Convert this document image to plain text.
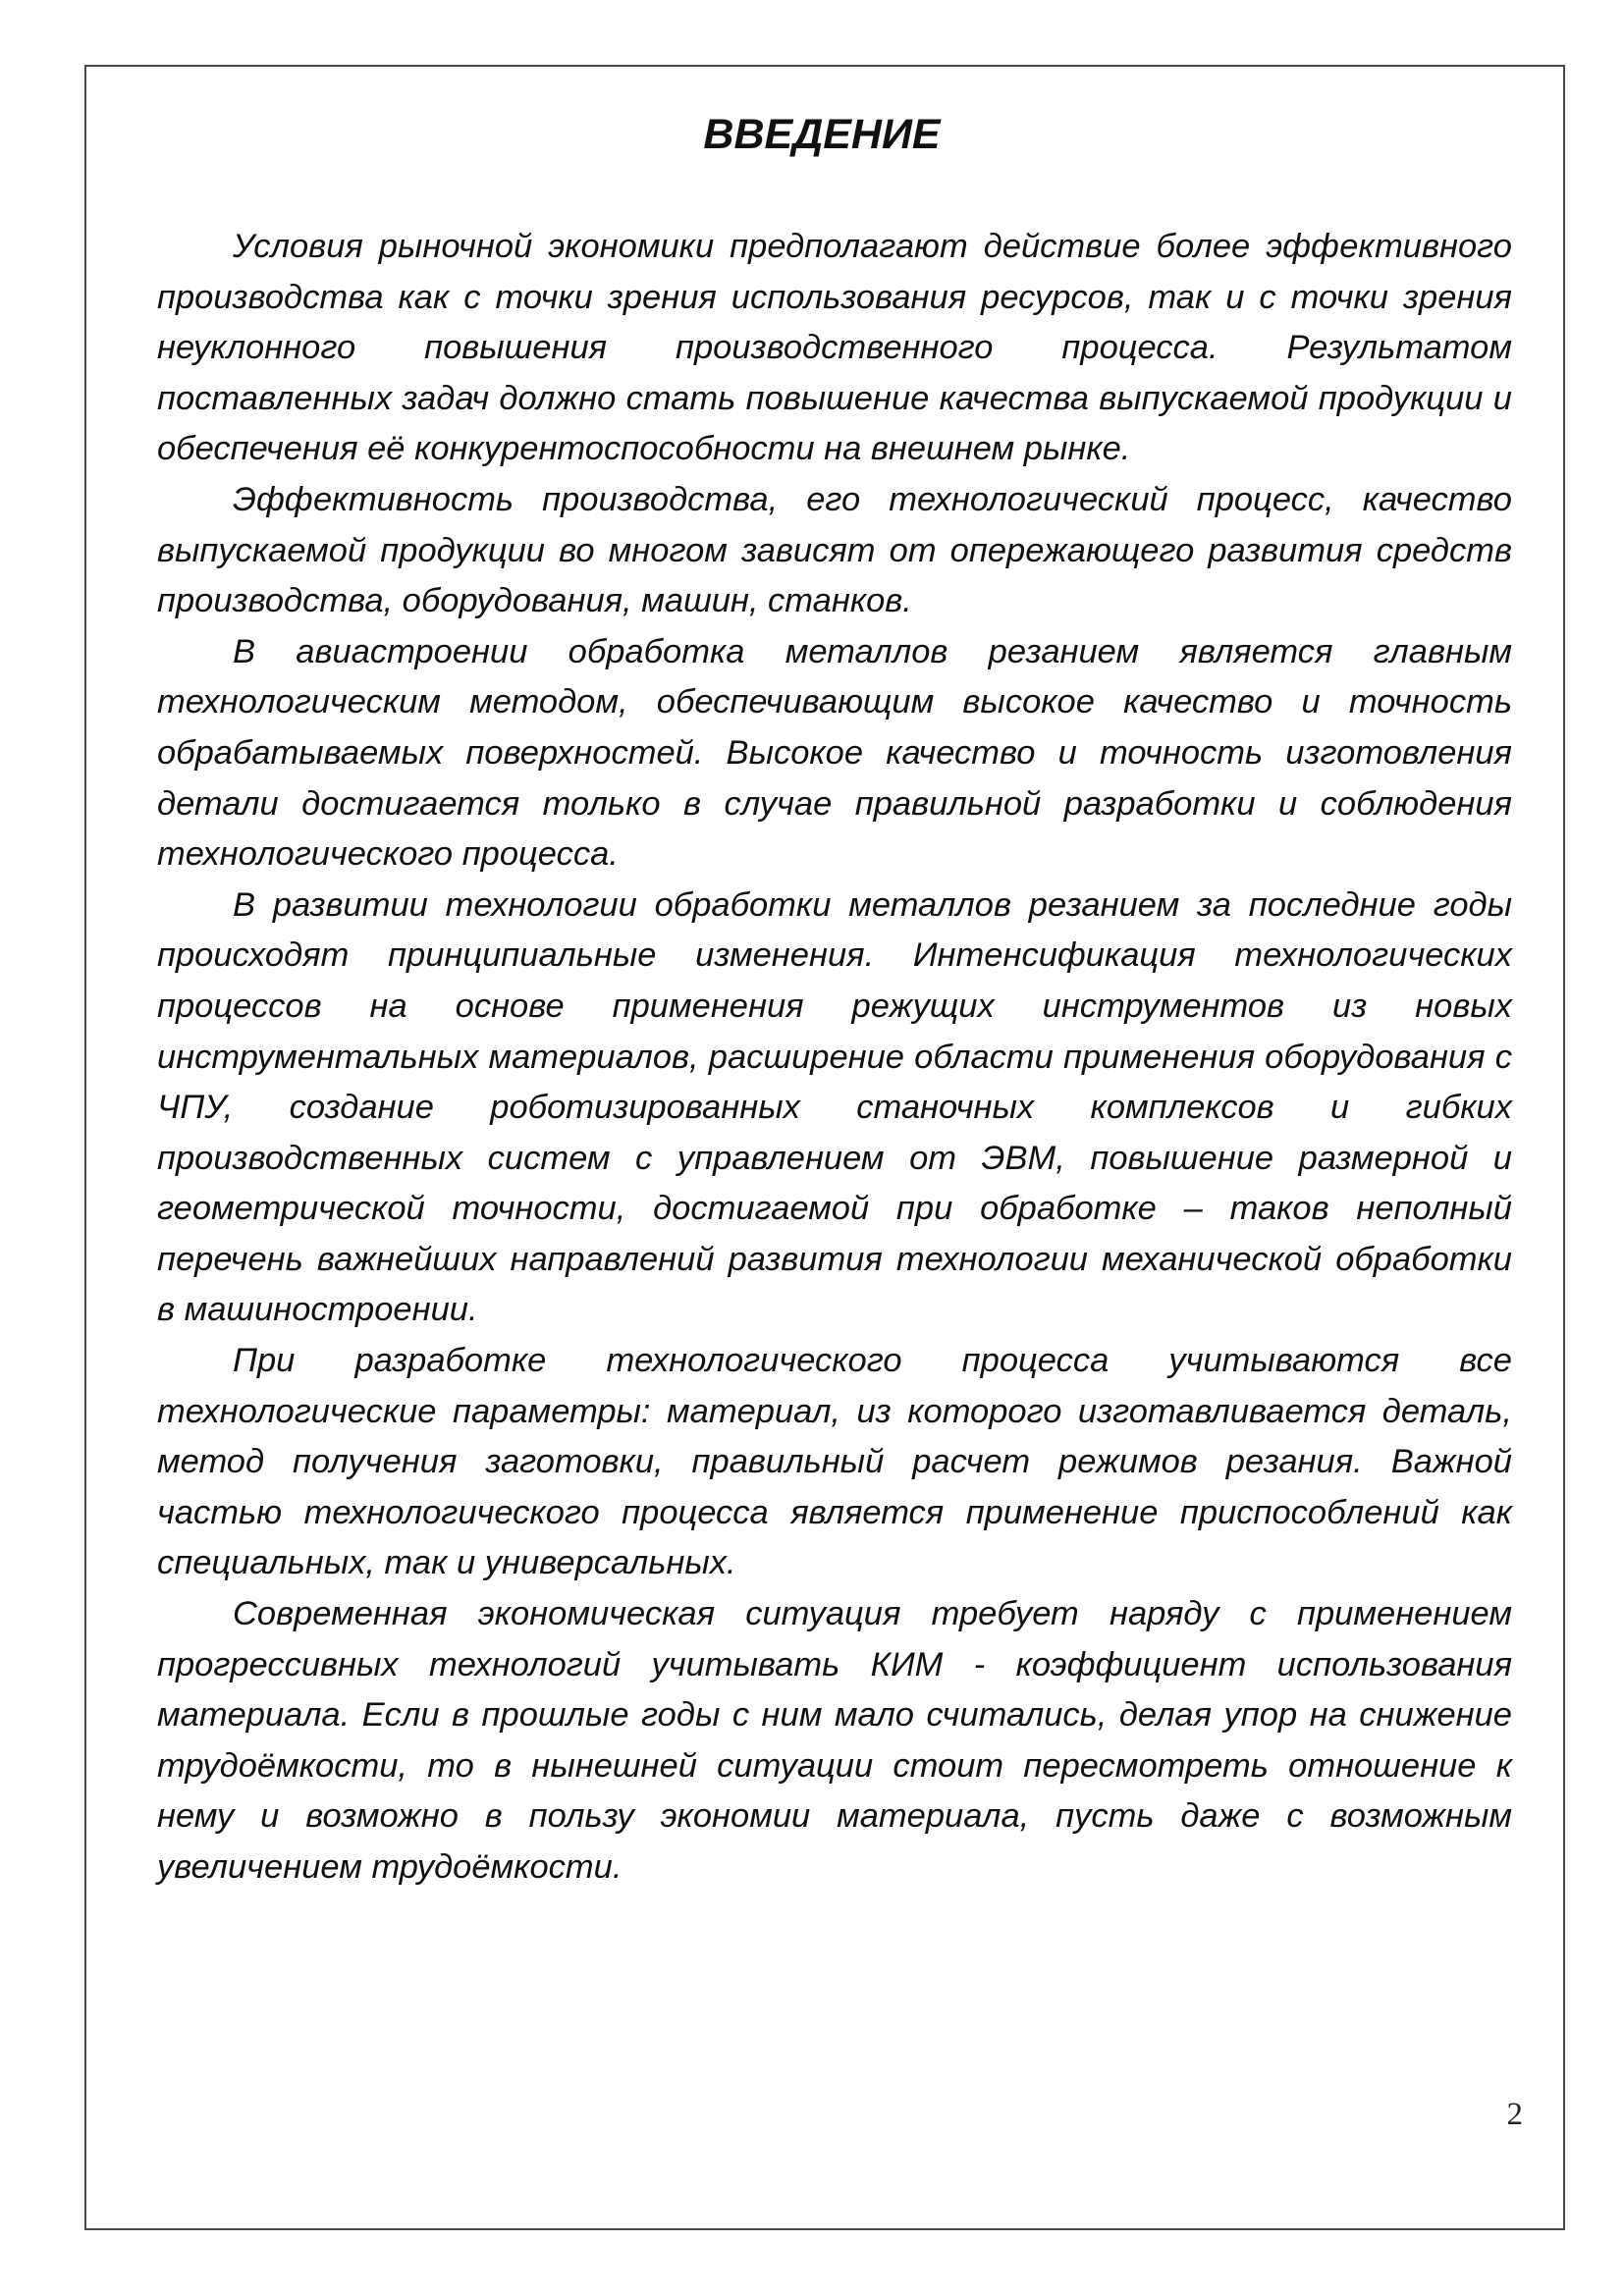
ВВЕДЕНИЕ

Условия рыночной экономики предполагают действие более эффективного производства как с точки зрения использования ресурсов, так и с точки зрения неуклонного повышения производственного процесса. Результатом поставленных задач должно стать повышение качества выпускаемой продукции и обеспечения её конкурентоспособности на внешнем рынке.

Эффективность производства, его технологический процесс, качество выпускаемой продукции во многом зависят от опережающего развития средств производства, оборудования, машин, станков.

В авиастроении обработка металлов резанием является главным технологическим методом, обеспечивающим высокое качество и точность обрабатываемых поверхностей. Высокое качество и точность изготовления детали достигается только в случае правильной разработки и соблюдения технологического процесса.

В развитии технологии обработки металлов резанием за последние годы происходят принципиальные изменения. Интенсификация технологических процессов на основе применения режущих инструментов из новых инструментальных материалов, расширение области применения оборудования с ЧПУ, создание роботизированных станочных комплексов и гибких производственных систем с управлением от ЭВМ, повышение размерной и геометрической точности, достигаемой при обработке – таков неполный перечень важнейших направлений развития технологии механической обработки в машиностроении.

При разработке технологического процесса учитываются все технологические параметры: материал, из которого изготавливается деталь, метод получения заготовки, правильный расчет режимов резания. Важной частью технологического процесса является применение приспособлений как специальных, так и универсальных.

Современная экономическая ситуация требует наряду с применением прогрессивных технологий учитывать КИМ - коэффициент использования материала. Если в прошлые годы с ним мало считались, делая упор на снижение трудоёмкости, то в нынешней ситуации стоит пересмотреть отношение к нему и возможно в пользу экономии материала, пусть даже с возможным увеличением трудоёмкости.

2
